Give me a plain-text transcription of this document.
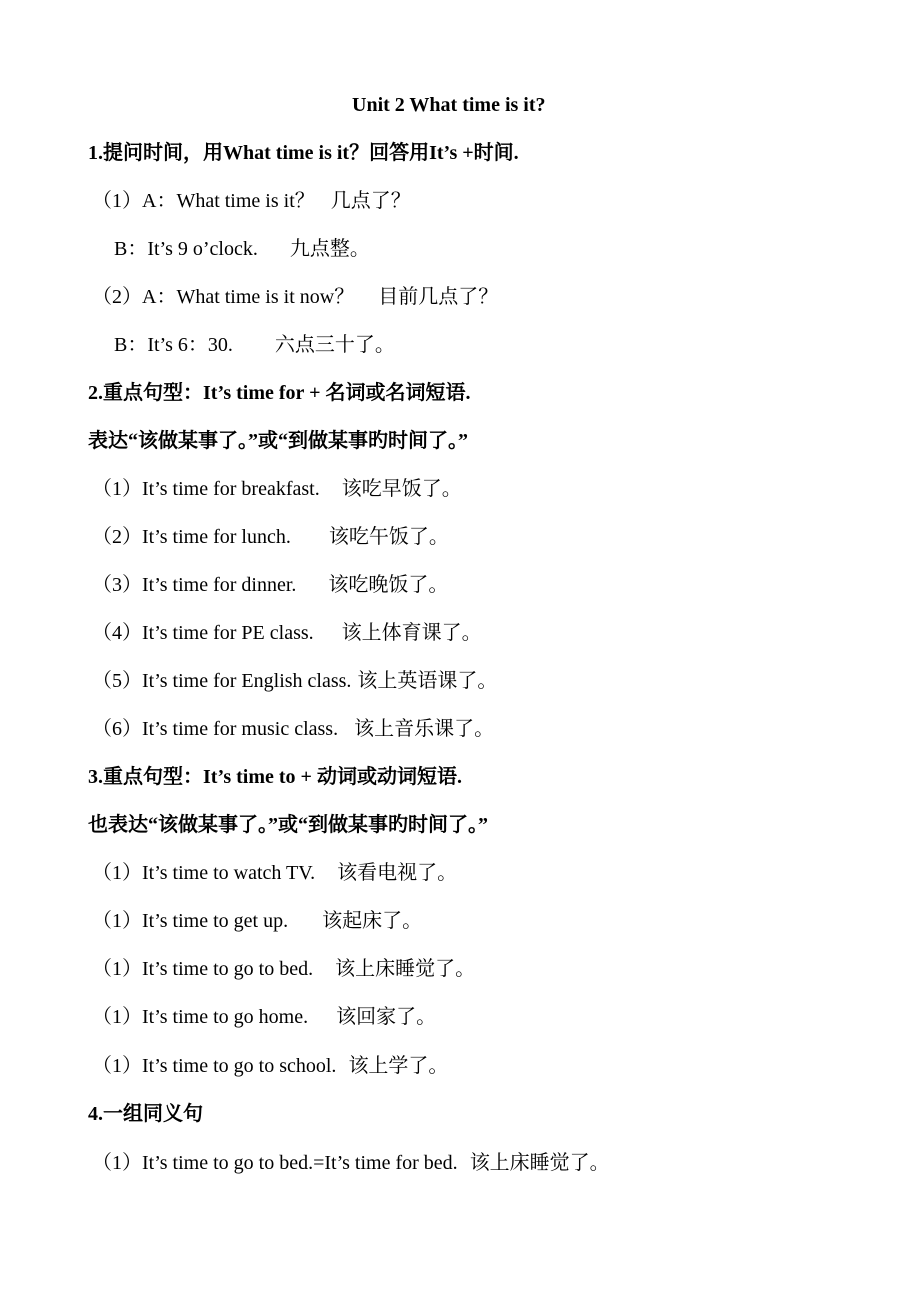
Unit 2 What time is it?
1.提问时间，用What time is it？回答用It’s +时间.
（1）A：What time is it？ 几点了？
B：It’s 9 o’clock. 九点整。
（2）A：What time is it now？ 目前几点了？
B：It’s 6：30. 六点三十了。
2.重点句型：It’s time for + 名词或名词短语.
表达“该做某事了。”或“到做某事旳时间了。”
（1）It’s time for breakfast. 该吃早饭了。
（2）It’s time for lunch. 该吃午饭了。
（3）It’s time for dinner. 该吃晚饭了。
（4）It’s time for PE class. 该上体育课了。
（5）It’s time for English class. 该上英语课了。
（6）It’s time for music class. 该上音乐课了。
3.重点句型：It’s time to + 动词或动词短语.
也表达“该做某事了。”或“到做某事旳时间了。”
（1）It’s time to watch TV. 该看电视了。
（1）It’s time to get up. 该起床了。
（1）It’s time to go to bed. 该上床睡觉了。
（1）It’s time to go home. 该回家了。
（1）It’s time to go to school. 该上学了。
4.一组同义句
（1）It’s time to go to bed.=It’s time for bed. 该上床睡觉了。
